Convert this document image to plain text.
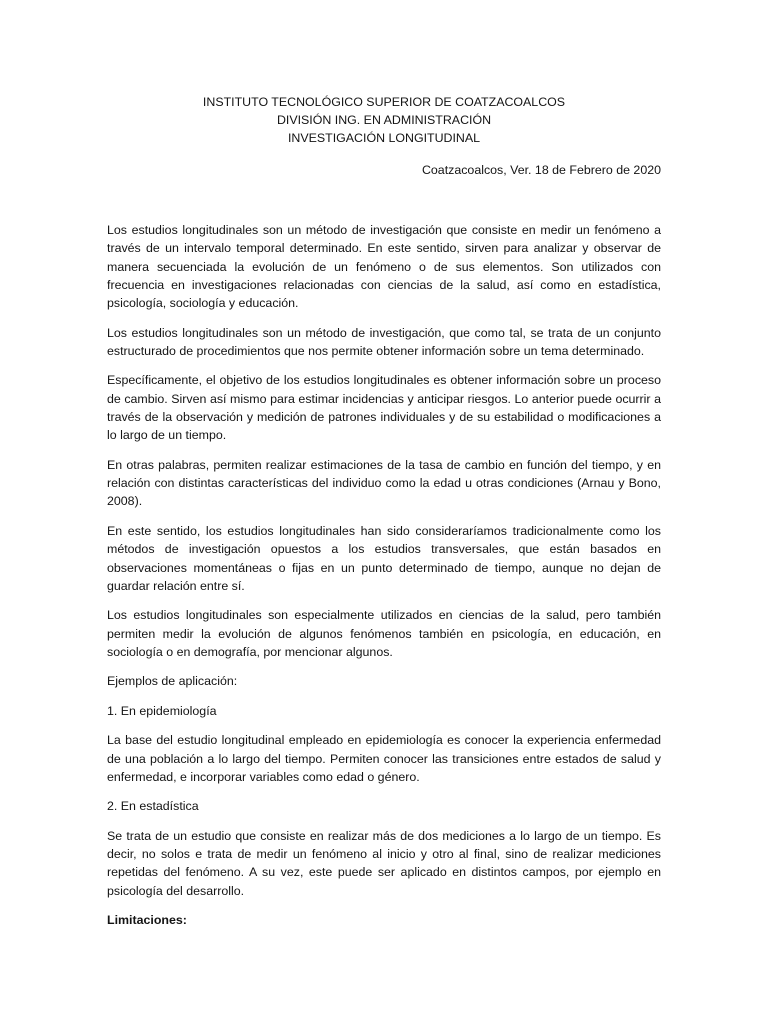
INSTITUTO TECNOLÓGICO SUPERIOR DE COATZACOALCOS
DIVISIÓN ING. EN ADMINISTRACIÓN
INVESTIGACIÓN LONGITUDINAL
Coatzacoalcos, Ver. 18 de Febrero de 2020

Los estudios longitudinales son un método de investigación que consiste en medir un fenómeno a través de un intervalo temporal determinado. En este sentido, sirven para analizar y observar de manera secuenciada la evolución de un fenómeno o de sus elementos. Son utilizados con frecuencia en investigaciones relacionadas con ciencias de la salud, así como en estadística, psicología, sociología y educación.

Los estudios longitudinales son un método de investigación, que como tal, se trata de un conjunto estructurado de procedimientos que nos permite obtener información sobre un tema determinado.

Específicamente, el objetivo de los estudios longitudinales es obtener información sobre un proceso de cambio. Sirven así mismo para estimar incidencias y anticipar riesgos. Lo anterior puede ocurrir a través de la observación y medición de patrones individuales y de su estabilidad o modificaciones a lo largo de un tiempo.

En otras palabras, permiten realizar estimaciones de la tasa de cambio en función del tiempo, y en relación con distintas características del individuo como la edad u otras condiciones (Arnau y Bono, 2008).

En este sentido, los estudios longitudinales han sido consideraríamos tradicionalmente como los métodos de investigación opuestos a los estudios transversales, que están basados en observaciones momentáneas o fijas en un punto determinado de tiempo, aunque no dejan de guardar relación entre sí.

Los estudios longitudinales son especialmente utilizados en ciencias de la salud, pero también permiten medir la evolución de algunos fenómenos también en psicología, en educación, en sociología o en demografía, por mencionar algunos.

Ejemplos de aplicación:

1. En epidemiología

La base del estudio longitudinal empleado en epidemiología es conocer la experiencia enfermedad de una población a lo largo del tiempo. Permiten conocer las transiciones entre estados de salud y enfermedad, e incorporar variables como edad o género.

2. En estadística

Se trata de un estudio que consiste en realizar más de dos mediciones a lo largo de un tiempo. Es decir, no solos e trata de medir un fenómeno al inicio y otro al final, sino de realizar mediciones repetidas del fenómeno. A su vez, este puede ser aplicado en distintos campos, por ejemplo en psicología del desarrollo.

Limitaciones:
